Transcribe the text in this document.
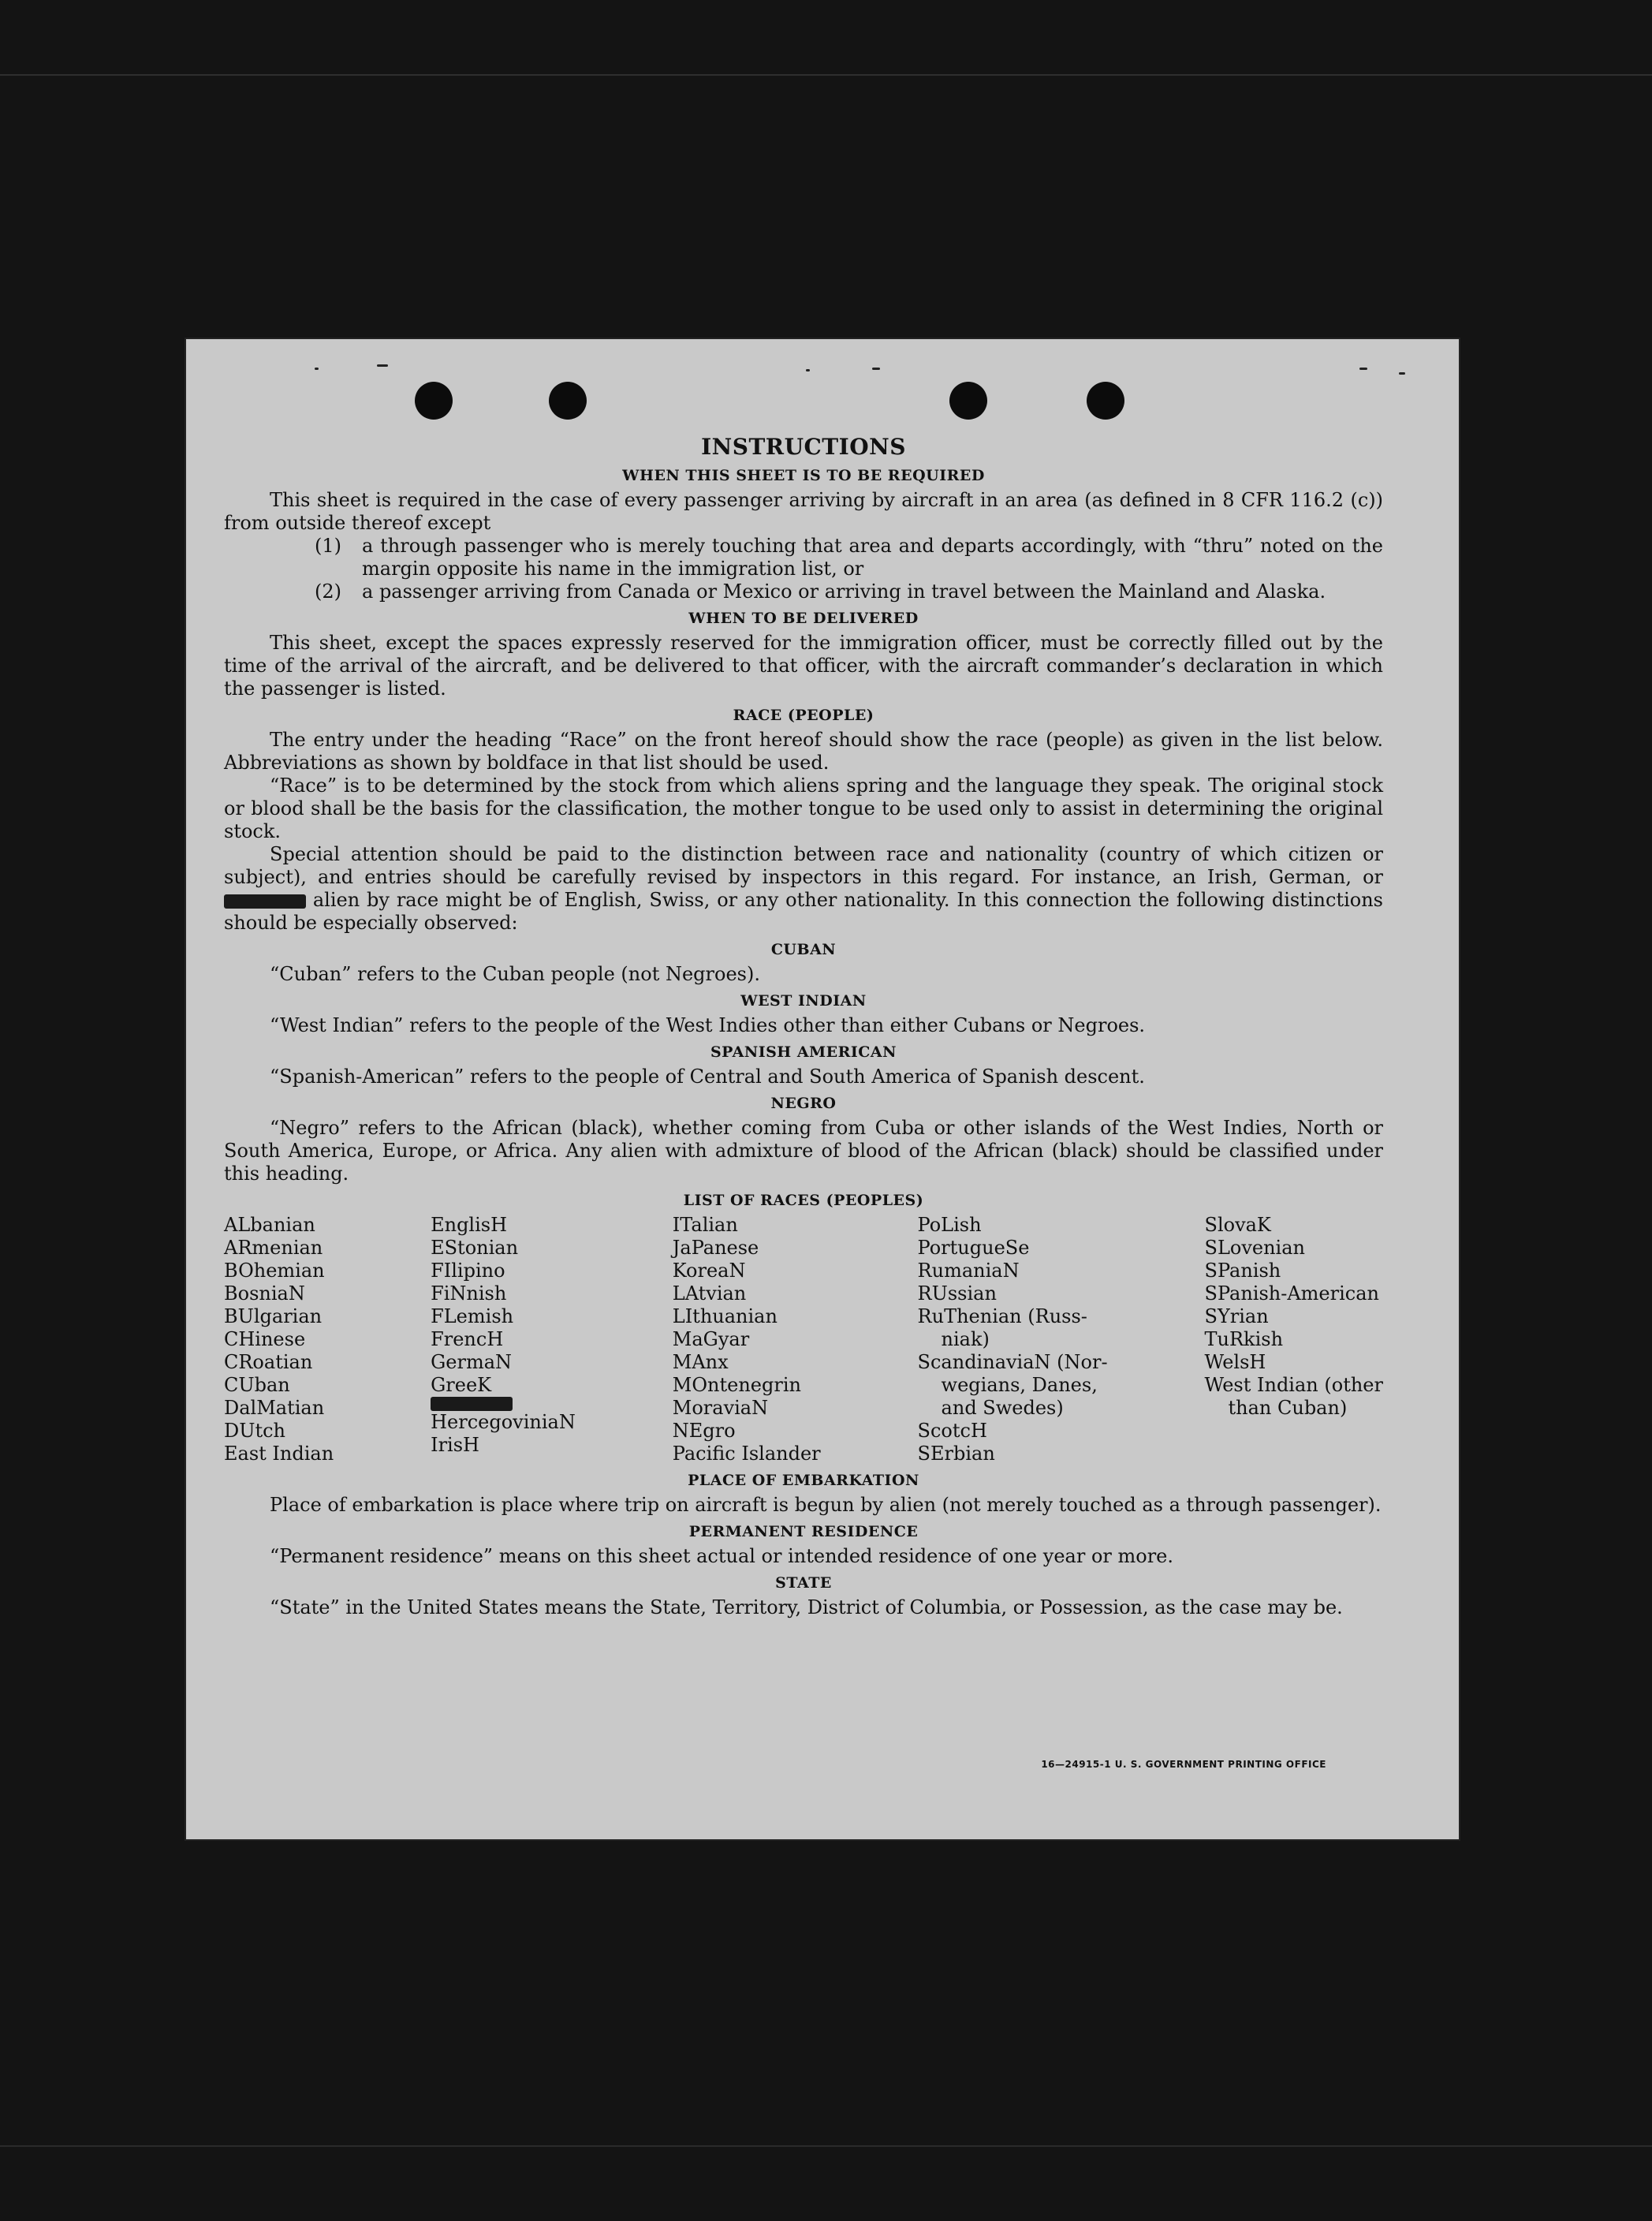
INSTRUCTIONS
WHEN THIS SHEET IS TO BE REQUIRED

This sheet is required in the case of every passenger arriving by aircraft in an area (as defined in 8 CFR 116.2 (c)) from outside thereof except

(1)	a through passenger who is merely touching that area and departs accordingly, with “thru” noted on the margin opposite his name in the immigration list, or

(2)	a passenger arriving from Canada or Mexico or arriving in travel between the Mainland and Alaska.

WHEN TO BE DELIVERED

This sheet, except the spaces expressly reserved for the immigration officer, must be correctly filled out by the time of the arrival of the aircraft, and be delivered to that officer, with the aircraft commander’s declaration in which the passenger is listed.

RACE (PEOPLE)

The entry under the heading “Race” on the front hereof should show the race (people) as given in the list below. Abbreviations as shown by boldface in that list should be used.

“Race” is to be determined by the stock from which aliens spring and the language they speak. The original stock or blood shall be the basis for the classification, the mother tongue to be used only to assist in determining the original stock.

Special attention should be paid to the distinction between race and nationality (country of which citizen or subject), and entries should be carefully revised by inspectors in this regard. For instance, an Irish, German, or  alien by race might be of English, Swiss, or any other nationality. In this connection the following distinctions should be especially observed:

CUBAN

“Cuban” refers to the Cuban people (not Negroes).

WEST INDIAN

“West Indian” refers to the people of the West Indies other than either Cubans or Negroes.

SPANISH AMERICAN

“Spanish-American” refers to the people of Central and South America of Spanish descent.

NEGRO

“Negro” refers to the African (black), whether coming from Cuba or other islands of the West Indies, North or South America, Europe, or Africa. Any alien with admixture of blood of the African (black) should be classified under this heading.

LIST OF RACES (PEOPLES)
ALbanian
ARmenian
BOhemian
BosniaN
BUlgarian
CHinese
CRoatian
CUban
DalMatian
DUtch
East Indian
EnglisH
EStonian
FIlipino
FiNnish
FLemish
FrencH
GermaN
GreeK
HercegoviniaN
IrisH
ITalian
JaPanese
KoreaN
LAtvian
LIthuanian
MaGyar
MAnx
MOntenegrin
MoraviaN
NEgro
Pacific Islander
PoLish
PortugueSe
RumaniaN
RUssian
RuThenian (Russ-
niak)
ScandinaviaN (Nor-
wegians, Danes,
and Swedes)
ScotcH
SErbian
SlovaK
SLovenian
SPanish
SPanish-American
SYrian
TuRkish
WelsH
West Indian (other
than Cuban)
PLACE OF EMBARKATION

Place of embarkation is place where trip on aircraft is begun by alien (not merely touched as a through passenger).

PERMANENT RESIDENCE

“Permanent residence” means on this sheet actual or intended residence of one year or more.

STATE

“State” in the United States means the State, Territory, District of Columbia, or Possession, as the case may be.

16—24915-1 U. S. GOVERNMENT PRINTING OFFICE
